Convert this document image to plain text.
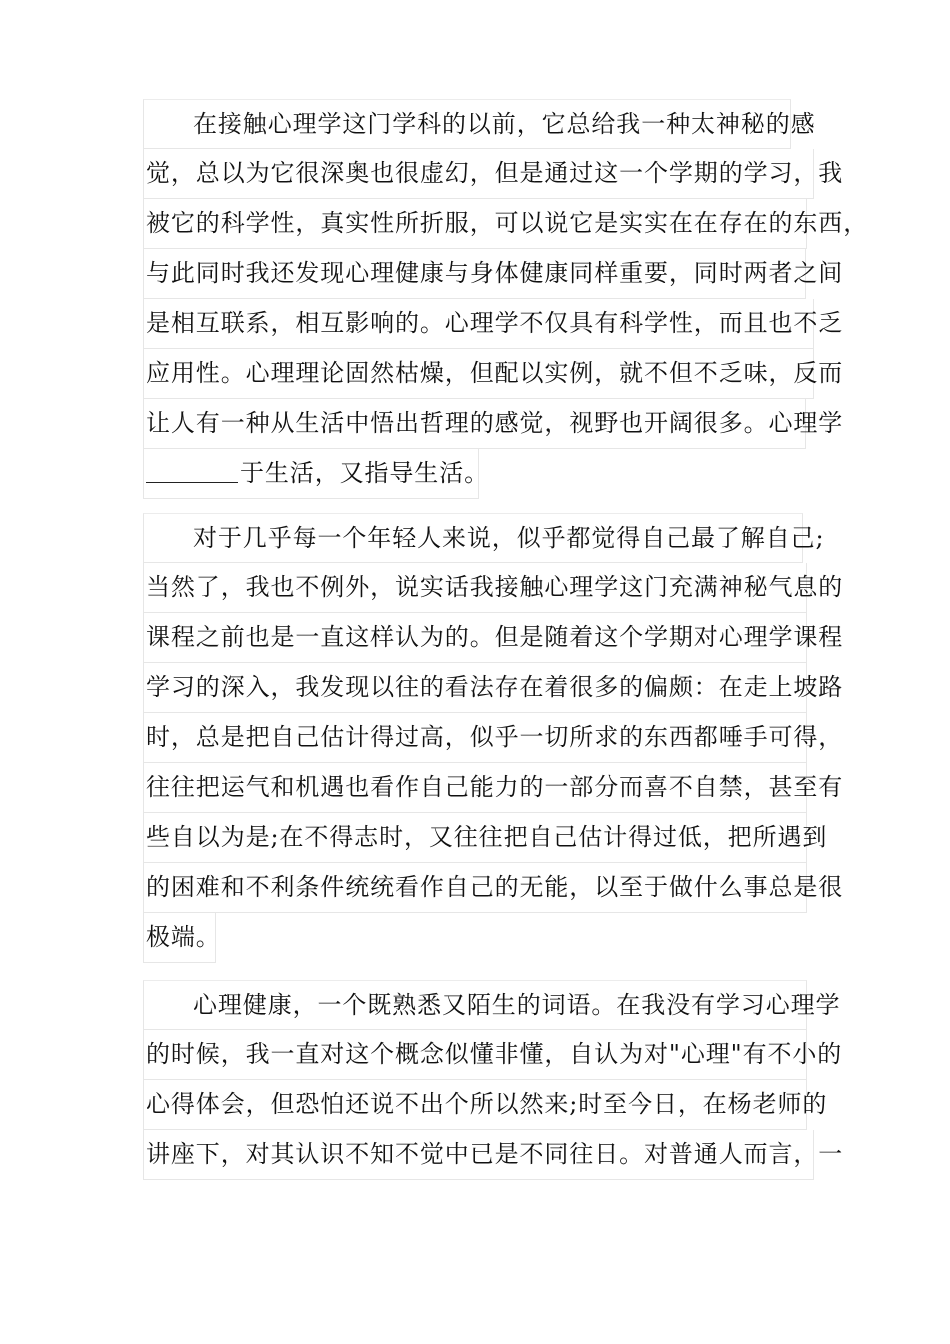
在接触心理学这门学科的以前，它总给我一种太神秘的感
觉，总以为它很深奥也很虚幻，但是通过这一个学期的学习，我
被它的科学性，真实性所折服，可以说它是实实在在存在的东西，
与此同时我还发现心理健康与身体健康同样重要，同时两者之间
是相互联系，相互影响的。心理学不仅具有科学性，而且也不乏
应用性。心理理论固然枯燥，但配以实例，就不但不乏味，反而
让人有一种从生活中悟出哲理的感觉，视野也开阔很多。心理学
于生活，又指导生活。
对于几乎每一个年轻人来说，似乎都觉得自己最了解自己;
当然了，我也不例外，说实话我接触心理学这门充满神秘气息的
课程之前也是一直这样认为的。但是随着这个学期对心理学课程
学习的深入，我发现以往的看法存在着很多的偏颇：在走上坡路
时，总是把自己估计得过高，似乎一切所求的东西都唾手可得，
往往把运气和机遇也看作自己能力的一部分而喜不自禁，甚至有
些自以为是;在不得志时，又往往把自己估计得过低，把所遇到
的困难和不利条件统统看作自己的无能，以至于做什么事总是很
极端。
心理健康，一个既熟悉又陌生的词语。在我没有学习心理学
的时候，我一直对这个概念似懂非懂，自认为对"心理"有不小的
心得体会，但恐怕还说不出个所以然来;时至今日，在杨老师的
讲座下，对其认识不知不觉中已是不同往日。对普通人而言，一
